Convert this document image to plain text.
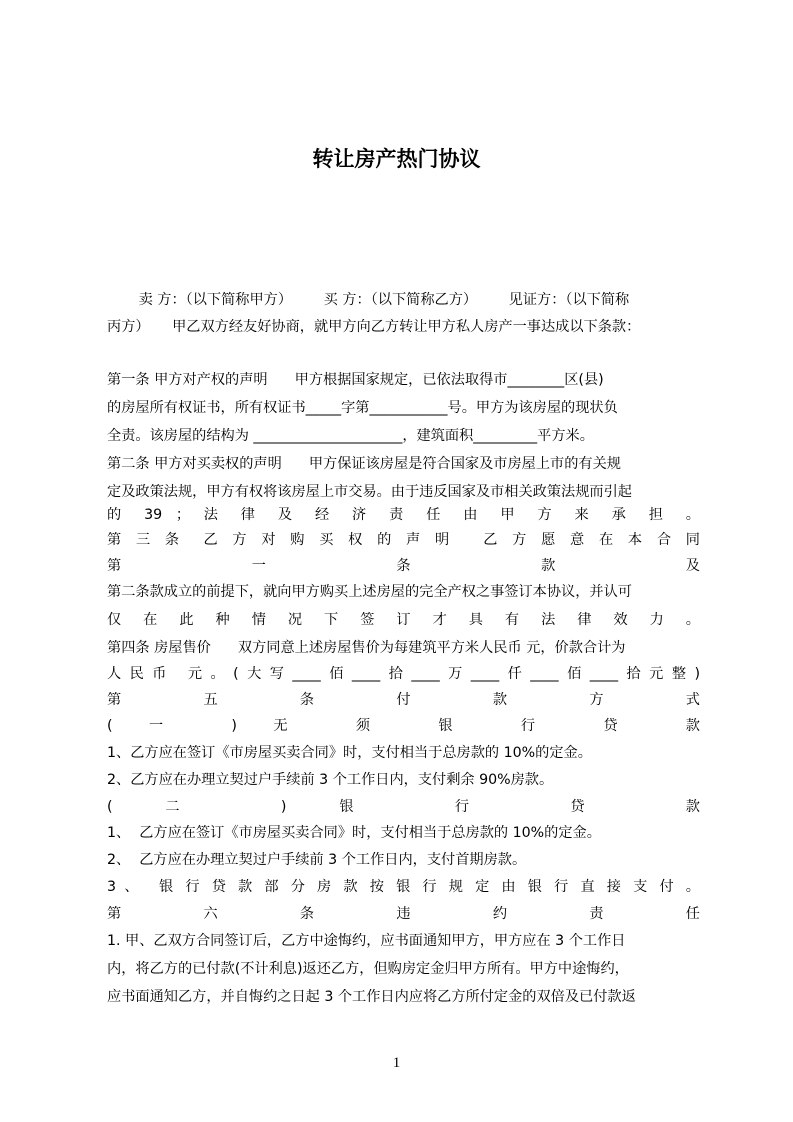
转让房产热门协议
卖 方：（以下简称甲方）       买 方：（以下简称乙方）       见证方：（以下简称
丙方）     甲乙双方经友好协商，就甲方向乙方转让甲方私人房产一事达成以下条款：
第一条 甲方对产权的声明      甲方根据国家规定，已依法取得市________区(县)
的房屋所有权证书，所有权证书_____字第___________号。甲方为该房屋的现状负
全责。该房屋的结构为 _____________________，建筑面积_________平方米。
第二条 甲方对买卖权的声明      甲方保证该房屋是符合国家及市房屋上市的有关规
定及政策法规，甲方有权将该房屋上市交易。由于违反国家及市相关政策法规而引起
的 39 ； 法 律 及 经 济 责 任 由 甲 方 来 承 担 。
第 三 条  乙 方 对 购 买 权 的 声 明   乙 方 愿 意 在 本 合 同
第 一 条 款 及
第二条款成立的前提下，就向甲方购买上述房屋的完全产权之事签订本协议，并认可
仅 在 此 种 情 况 下 签 订 才 具 有 法 律 效 力 。
第四条 房屋售价      双方同意上述房屋售价为每建筑平方米人民币 元，价款合计为
人民币 元。(大写____佰____拾____万____仟____佰____拾元整)
第 五 条 付 款 方 式
( 一 ) 无 须 银 行 贷 款
1、乙方应在签订《市房屋买卖合同》时，支付相当于总房款的 10%的定金。
2、乙方应在办理立契过户手续前 3 个工作日内，支付剩余 90%房款。
( 二 ) 银 行 贷 款
1、  乙方应在签订《市房屋买卖合同》时，支付相当于总房款的 10%的定金。
2、  乙方应在办理立契过户手续前 3 个工作日内，支付首期房款。
3 、  银 行 贷 款 部 分 房 款 按 银 行 规 定 由 银 行 直 接 支 付 。
第 六 条 违 约 责 任
1. 甲、乙双方合同签订后，乙方中途悔约，应书面通知甲方，甲方应在 3 个工作日
内，将乙方的已付款(不计利息)返还乙方，但购房定金归甲方所有。甲方中途悔约，
应书面通知乙方，并自悔约之日起 3 个工作日内应将乙方所付定金的双倍及已付款返
1
